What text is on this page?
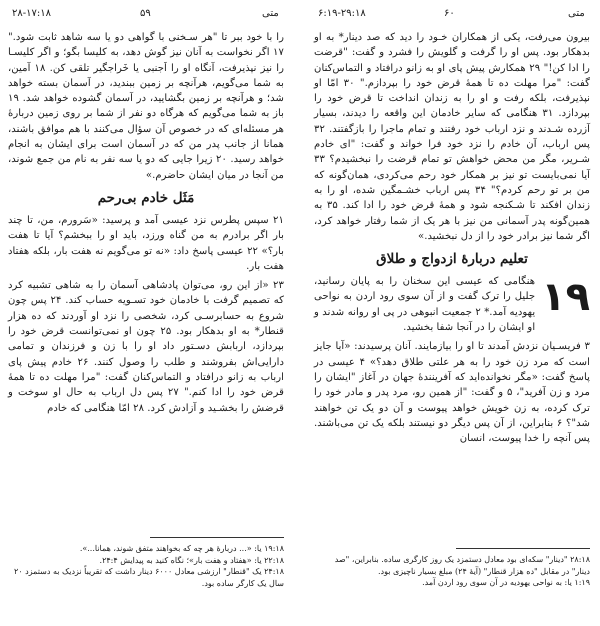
۲۸-۱۷:۱۸	۵۹	متی

را با خود ببر تا "هر سـخنی با گواهی دو یا سه شاهد ثابت شود." ۱۷ اگر نخواست به آنان نیز گوش دهد، به کلیسا بگو؛ و اگر کلیسـا را نیز نپذیرفت، آنگاه او را اَجنبی یا خَراجگیر تلقی کن. ۱۸ آمین، به شما می‌گویم، هرآنچه بر زمین ببندید، در آسمان بسته خواهد شد؛ و هرآنچه بر زمین بگشایید، در آسمان گشوده خواهد شد. ۱۹ باز به شما می‌گویم که هرگاه دو نفر از شما بر روی زمین دربارهٔ هر مسئله‌ای که در خصوص آن سؤال می‌کنند با هم موافق باشند، همانا از جانب پدر من که در آسمان است برای ایشان به انجام خواهد رسید. ۲۰ زیرا جایی که دو یا سه نفر به نام من جمع شوند، من آنجا در میان ایشان حاضرم.»

مَثَل خادم بی‌رحم

۲۱ سپس پطرس نزد عیسی آمد و پرسید: «سَرورم، من، تا چند بار اگر برادرم به من گناه ورزد، باید او را ببخشم؟ آیا تا هفت بار؟» ۲۲ عیسی پاسخ داد: «نه تو می‌گویم نه هفت بار، بلکه هفتاد هفت بار.

۲۳ «از این رو، می‌توان پادشاهی آسمان را به شاهی تشبیه کرد که تصمیم گرفت با خادمان خود تسـویه حساب کند. ۲۴ پس چون شروع به حسابرسـی کرد، شخصی را نزد او آوردند که ده هزار قنطار* به او بدهکار بود. ۲۵ چون او نمی‌توانست قرض خود را بپردازد، اربابش دسـتور داد او را با زن و فرزندان و تمامی دارایی‌اش بفروشند و طلب را وصول کنند. ۲۶ خادم پیش پای ارباب به زانو درافتاد و التماس‌کنان گفت: "مرا مهلت ده تا همهٔ قرض خود را ادا کنم." ۲۷ پس دل ارباب به حال او سوخت و قرضش را بخشـید و آزادش کرد. ۲۸ امّا هنگامی که خادم

۱۹:۱۸ یا: «... دربارهٔ هر چه که بخواهند متفق شوند، همانا...».
۲۲:۱۸ یا: «هفتاد و هفت بار»؛ نگاه کنید به پیدایش ۲۴:۴.
۲۴:۱۸ یک "قنطار" ارزشی معادل ۶۰۰۰ دینار داشت که تقریباً نزدیک به دستمزد ۲۰ سال یک کارگر ساده بود.
۶:۱۹-۲۹:۱۸	۶۰	متی

بیرون می‌رفت، یکی از همکاران خـود را دید که صد دینار* به او بدهکار بود. پس او را گرفت و گلویش را فشرد و گفت: "قرضت را ادا کن!" ۲۹ همکارش پیش پای او به زانو درافتاد و التماس‌کنان گفت: "مرا مهلت ده تا همهٔ قرض خود را بپردازم." ۳۰ امّا او نپذیرفت، بلکه رفت و او را به زندان انداخت تا قرض خود را بپردازد. ۳۱ هنگامی که سایر خادمان این واقعه را دیدند، بسیار آزرده شـدند و نزد ارباب خود رفتند و تمام ماجرا را بازگفتند. ۳۲ پس ارباب، آن خادم را نزد خود فرا خواند و گفت: "ای خادم شـریر، مگر من محض خواهش تو تمام قرضت را نبخشیدم؟ ۳۳ آیا نمی‌بایست تو نیز بر همکار خود رحم می‌کردی، همان‌گونه که من بر تو رحم کردم؟" ۳۴ پس ارباب خشـمگین شده، او را به زندان افکند تا شـکنجه شود و همهٔ قرض خود را ادا کند. ۳۵ به همین‌گونه پدر آسمانی من نیز با هر یک از شما رفتار خواهد کرد، اگر شما نیز برادر خود را از دل نبخشید.»

تعلیم دربارهٔ ازدواج و طلاق
۱۹

هنگامی که عیسی این سخنان را به پایان رسانید، جلیل را ترک گفت و از آن سوی رود اردن به نواحی یهودیه آمد.* ۲ جمعیت انبوهی در پی او روانه شدند و او ایشان را در آنجا شفا بخشید.

۳ فریسـیان نزدش آمدند تا او را بیازمایند. آنان پرسیدند: «آیا جایز است که مرد زن خود را به هر علتی طلاق دهد؟» ۴ عیسی در پاسخ گفت: «مگر نخوانده‌اید که آفرینندهٔ جهان در آغاز "ایشان را مرد و زن آفرید"، ۵ و گفت: "از همین رو، مرد پدر و مادر خود را ترک کرده، به زن خویش خواهد پیوست و آن دو یک تن خواهند شد"؟ ۶ بنابراین، از آن پس دیگر دو نیستند بلکه یک تن می‌باشند. پس آنچه را خدا پیوست، انسان

۲۸:۱۸ "دینار" سکه‌ای بود معادل دستمزد یک روز کارگری ساده. بنابراین، "صد دینار" در مقابل "ده هزار قنطار" (آیهٔ ۲۴) مبلغ بسیار ناچیزی بود.
۱:۱۹ یا: به نواحی یهودیه در آن سوی رود اردن آمد.
